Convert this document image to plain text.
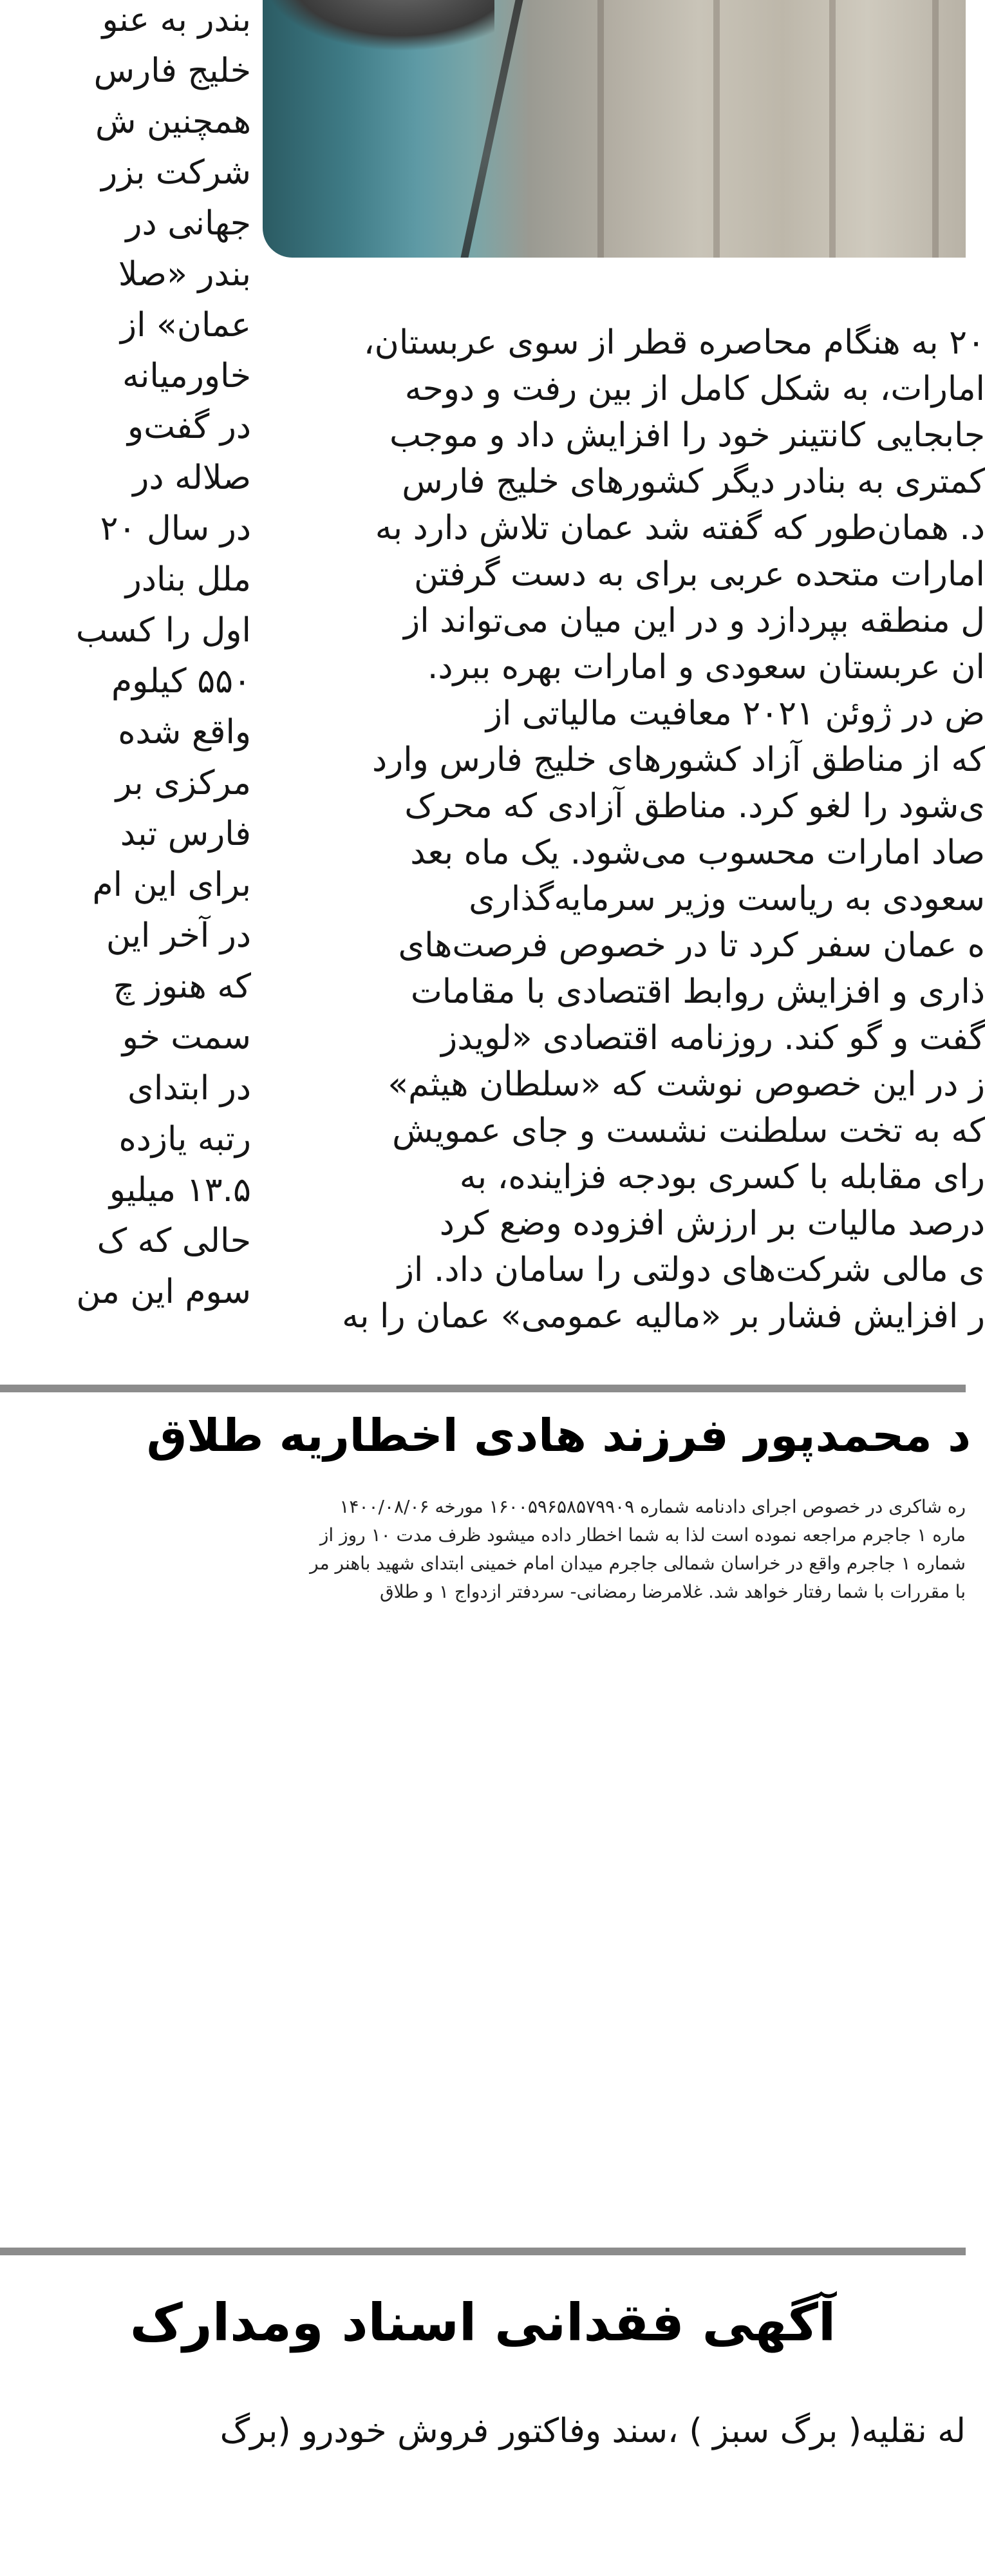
بندر به عنو
خلیج فارس
همچنین ش
شرکت بزر
جهانی در
بندر «صلا
عمان» از
خاورمیانه
در گفت‌و
صلاله در
در سال ۲۰
ملل بنادر
اول را کسب
۵۵۰ کیلوم
واقع شده
مرکزی بر
فارس تبد
برای این ام
در آخر این
که هنوز چ
سمت خو
در ابتدای
رتبه یازده
۱۳.۵ میلیو
حالی که ک
سوم این من
۲۰ به هنگام محاصره قطر از سوی عربستان،
امارات، به شکل کامل از بین رفت و دوحه
جابجایی کانتینر خود را افزایش داد و موجب
کمتری به بنادر دیگر کشورهای خلیج فارس
د. همان‌طور که گفته شد عمان تلاش دارد به
امارات متحده عربی برای به دست گرفتن
ل منطقه بپردازد و در این میان می‌تواند از
ان عربستان سعودی و امارات بهره ببرد.
ض در ژوئن ۲۰۲۱ معافیت مالیاتی از
که از مناطق آزاد کشورهای خلیج فارس وارد
ی‌شود را لغو کرد. مناطق آزادی که محرک
صاد امارات محسوب می‌شود. یک ماه بعد
سعودی به ریاست وزیر سرمایه‌گذاری
ه عمان سفر کرد تا در خصوص فرصت‌های
ذاری و افزایش روابط اقتصادی با مقامات
گفت و گو کند. روزنامه اقتصادی «لویدز
ز در این خصوص نوشت که «سلطان هیثم»
که به تخت سلطنت نشست و جای عمویش
رای مقابله با کسری بودجه فزاینده، به
درصد مالیات بر ارزش افزوده وضع کرد
ی مالی شرکت‌های دولتی را سامان داد. از
ر افزایش فشار بر «مالیه عمومی» عمان را به
د محمدپور فرزند هادی اخطاریه طلاق
ره شاکری در خصوص اجرای دادنامه شماره ۱۶‌۰۰‌۵۹۶‌۵۸۵۷‌۹۹۰۹ مورخه ۱۴۰۰/۰۸/۰۶
ماره ۱ جاجرم مراجعه نموده است لذا به شما اخطار داده میشود ظرف مدت ۱۰ روز از
شماره ۱ جاجرم واقع در خراسان شمالی جاجرم میدان امام خمینی ابتدای شهید باهنر مر
با مقررات با شما رفتار خواهد شد. غلامرضا رمضانی- سردفتر ازدواج ۱ و طلاق
آگهی فقدانی اسناد ومدارک
له نقلیه( برگ سبز ) ،سند وفاکتور فروش خودرو (برگ
